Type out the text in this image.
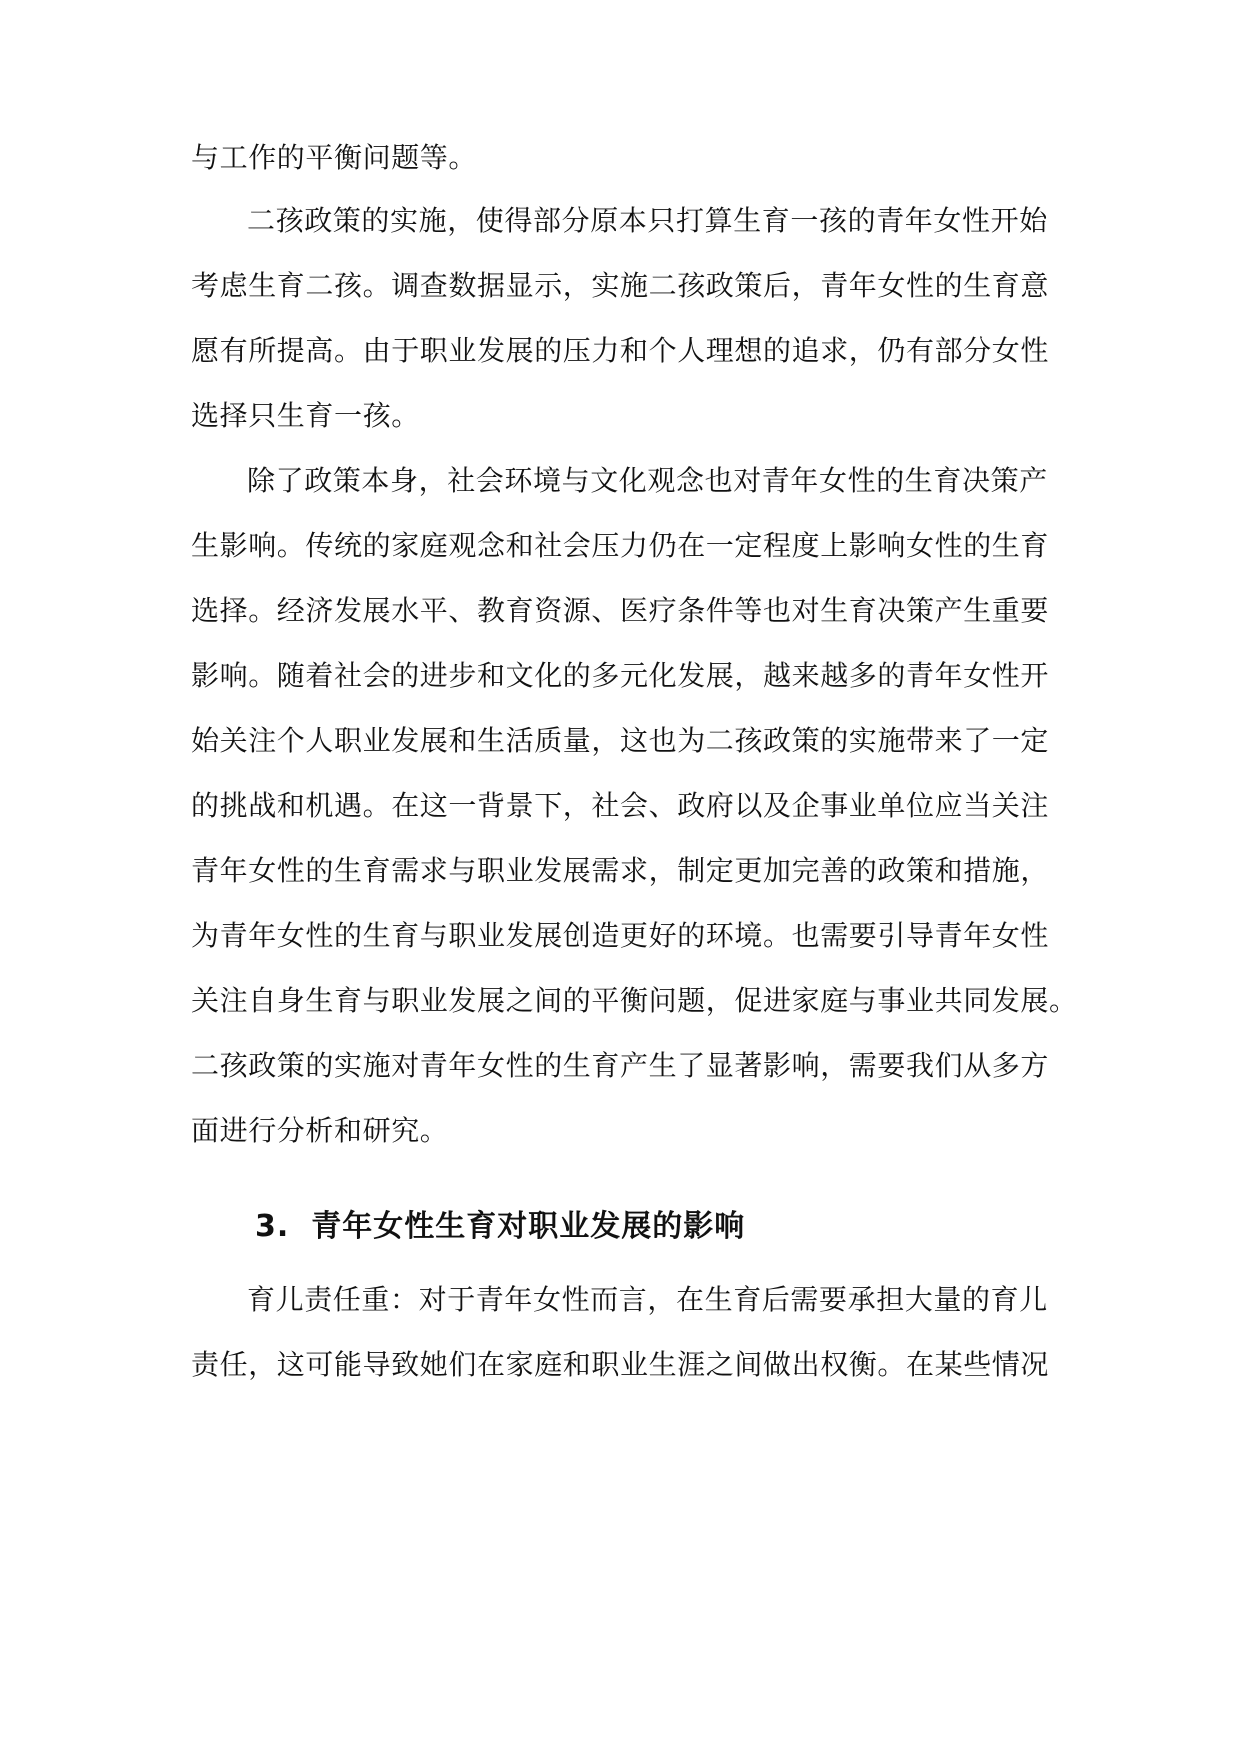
与工作的平衡问题等。
二孩政策的实施，使得部分原本只打算生育一孩的青年女性开始
考虑生育二孩。调查数据显示，实施二孩政策后，青年女性的生育意
愿有所提高。由于职业发展的压力和个人理想的追求，仍有部分女性
选择只生育一孩。
除了政策本身，社会环境与文化观念也对青年女性的生育决策产
生影响。传统的家庭观念和社会压力仍在一定程度上影响女性的生育
选择。经济发展水平、教育资源、医疗条件等也对生育决策产生重要
影响。随着社会的进步和文化的多元化发展，越来越多的青年女性开
始关注个人职业发展和生活质量，这也为二孩政策的实施带来了一定
的挑战和机遇。在这一背景下，社会、政府以及企事业单位应当关注
青年女性的生育需求与职业发展需求，制定更加完善的政策和措施，
为青年女性的生育与职业发展创造更好的环境。也需要引导青年女性
关注自身生育与职业发展之间的平衡问题，促进家庭与事业共同发展。
二孩政策的实施对青年女性的生育产生了显著影响，需要我们从多方
面进行分析和研究。
3. 青年女性生育对职业发展的影响
育儿责任重：对于青年女性而言，在生育后需要承担大量的育儿
责任，这可能导致她们在家庭和职业生涯之间做出权衡。在某些情况
